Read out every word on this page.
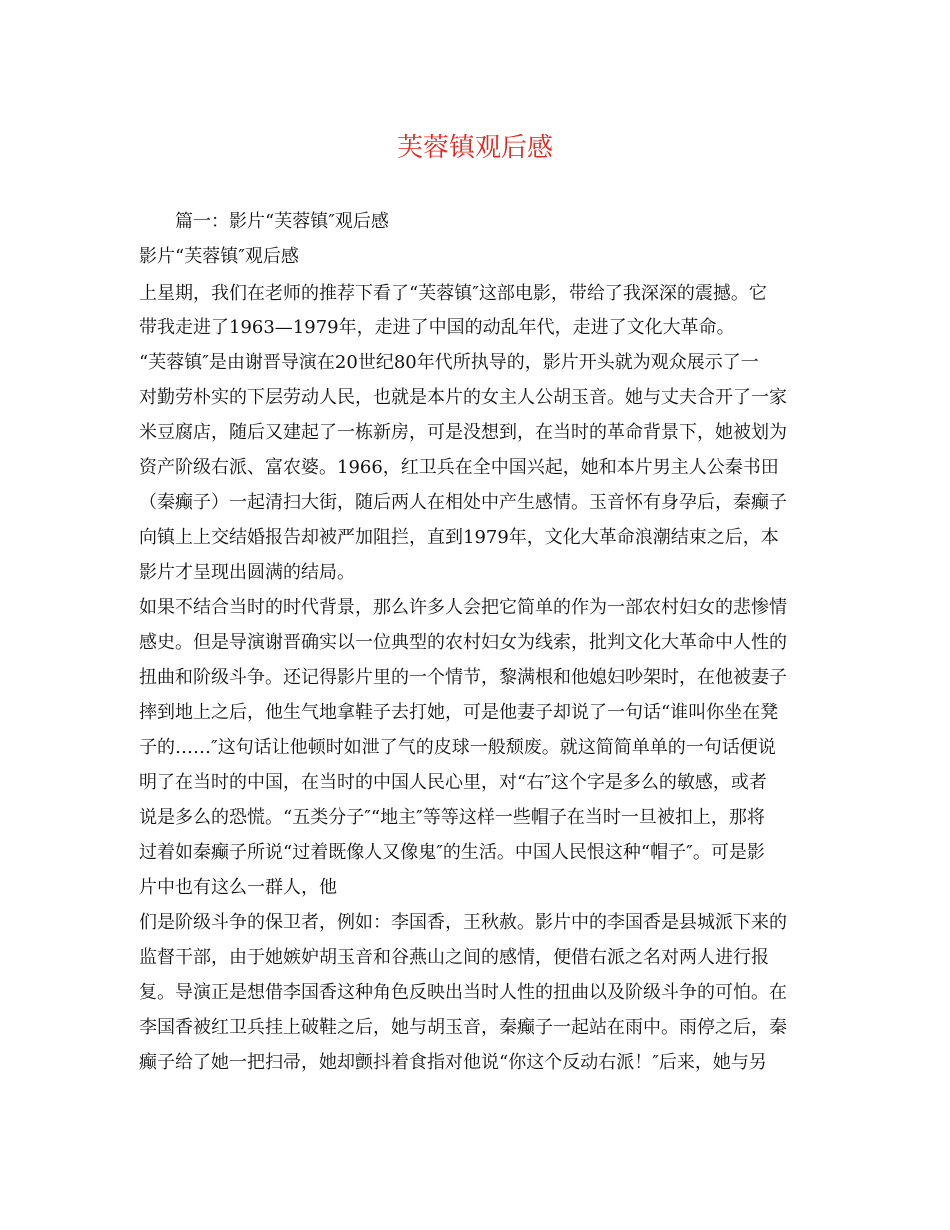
芙蓉镇观后感
篇一：影片“芙蓉镇″观后感
影片“芙蓉镇″观后感
上星期，我们在老师的推荐下看了“芙蓉镇″这部电影，带给了我深深的震撼。它
带我走进了1963—1979年，走进了中国的动乱年代，走进了文化大革命。
“芙蓉镇″是由谢晋导演在20世纪80年代所执导的，影片开头就为观众展示了一
对勤劳朴实的下层劳动人民，也就是本片的女主人公胡玉音。她与丈夫合开了一家
米豆腐店，随后又建起了一栋新房，可是没想到，在当时的革命背景下，她被划为
资产阶级右派、富农婆。1966，红卫兵在全中国兴起，她和本片男主人公秦书田
（秦癫子）一起清扫大街，随后两人在相处中产生感情。玉音怀有身孕后，秦癫子
向镇上上交结婚报告却被严加阻拦，直到1979年，文化大革命浪潮结束之后，本
影片才呈现出圆满的结局。
如果不结合当时的时代背景，那么许多人会把它简单的作为一部农村妇女的悲惨情
感史。但是导演谢晋确实以一位典型的农村妇女为线索，批判文化大革命中人性的
扭曲和阶级斗争。还记得影片里的一个情节，黎满根和他媳妇吵架时，在他被妻子
摔到地上之后，他生气地拿鞋子去打她，可是他妻子却说了一句话“谁叫你坐在凳
子的……″这句话让他顿时如泄了气的皮球一般颓废。就这简简单单的一句话便说
明了在当时的中国，在当时的中国人民心里，对“右″这个字是多么的敏感，或者
说是多么的恐慌。“五类分子″“地主″等等这样一些帽子在当时一旦被扣上，那将
过着如秦癫子所说“过着既像人又像鬼″的生活。中国人民恨这种“帽子″。可是影
片中也有这么一群人，他
们是阶级斗争的保卫者，例如：李国香，王秋赦。影片中的李国香是县城派下来的
监督干部，由于她嫉妒胡玉音和谷燕山之间的感情，便借右派之名对两人进行报
复。导演正是想借李国香这种角色反映出当时人性的扭曲以及阶级斗争的可怕。在
李国香被红卫兵挂上破鞋之后，她与胡玉音，秦癫子一起站在雨中。雨停之后，秦
癫子给了她一把扫帚，她却颤抖着食指对他说“你这个反动右派！″后来，她与另
